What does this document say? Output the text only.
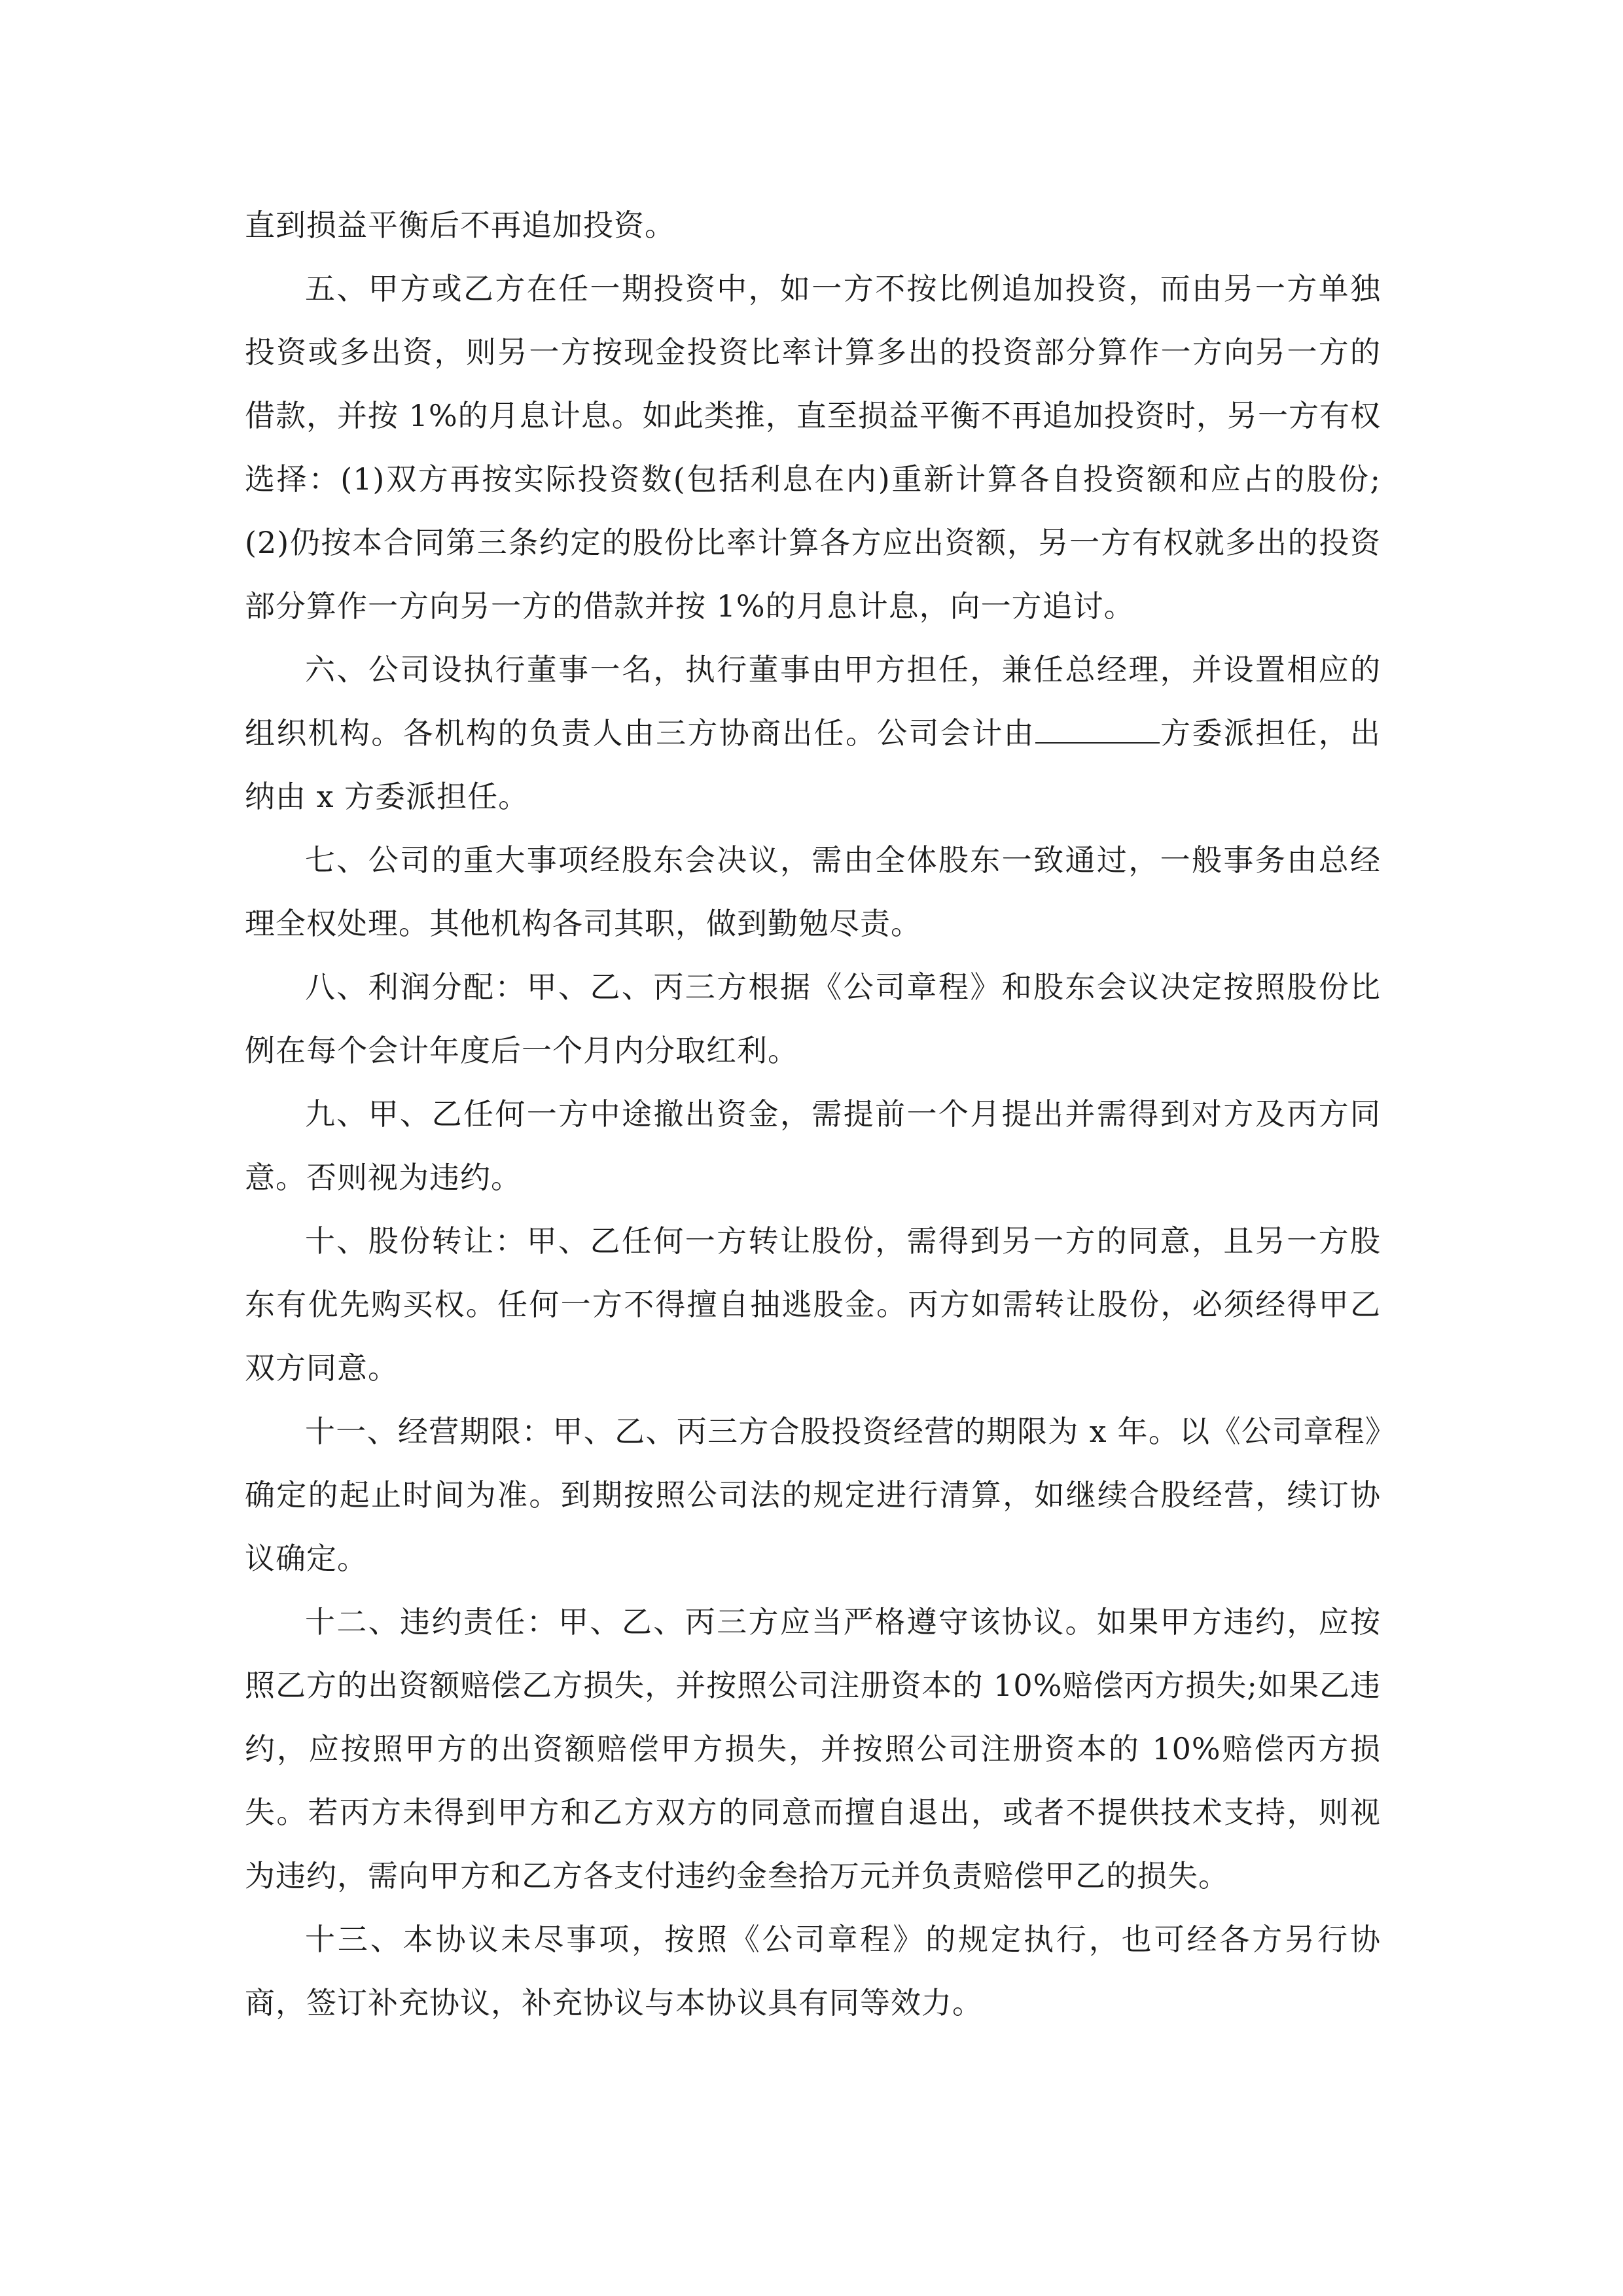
直到损益平衡后不再追加投资。

五、甲方或乙方在任一期投资中，如一方不按比例追加投资，而由另一方单独投资或多出资，则另一方按现金投资比率计算多出的投资部分算作一方向另一方的借款，并按 1%的月息计息。如此类推，直至损益平衡不再追加投资时，另一方有权选择：(1)双方再按实际投资数(包括利息在内)重新计算各自投资额和应占的股份;(2)仍按本合同第三条约定的股份比率计算各方应出资额，另一方有权就多出的投资部分算作一方向另一方的借款并按 1%的月息计息，向一方追讨。

六、公司设执行董事一名，执行董事由甲方担任，兼任总经理，并设置相应的组织机构。各机构的负责人由三方协商出任。公司会计由	方委派担任，出纳由 x 方委派担任。

七、公司的重大事项经股东会决议，需由全体股东一致通过，一般事务由总经理全权处理。其他机构各司其职，做到勤勉尽责。

八、利润分配：甲、乙、丙三方根据《公司章程》和股东会议决定按照股份比例在每个会计年度后一个月内分取红利。

九、甲、乙任何一方中途撤出资金，需提前一个月提出并需得到对方及丙方同意。否则视为违约。

十、股份转让：甲、乙任何一方转让股份，需得到另一方的同意，且另一方股东有优先购买权。任何一方不得擅自抽逃股金。丙方如需转让股份，必须经得甲乙双方同意。

十一、经营期限：甲、乙、丙三方合股投资经营的期限为 x 年。以《公司章程》确定的起止时间为准。到期按照公司法的规定进行清算，如继续合股经营，续订协议确定。

十二、违约责任：甲、乙、丙三方应当严格遵守该协议。如果甲方违约，应按照乙方的出资额赔偿乙方损失，并按照公司注册资本的 10%赔偿丙方损失;如果乙违约，应按照甲方的出资额赔偿甲方损失，并按照公司注册资本的 10%赔偿丙方损失。若丙方未得到甲方和乙方双方的同意而擅自退出，或者不提供技术支持，则视为违约，需向甲方和乙方各支付违约金叁拾万元并负责赔偿甲乙的损失。

十三、本协议未尽事项，按照《公司章程》的规定执行，也可经各方另行协商，签订补充协议，补充协议与本协议具有同等效力。
